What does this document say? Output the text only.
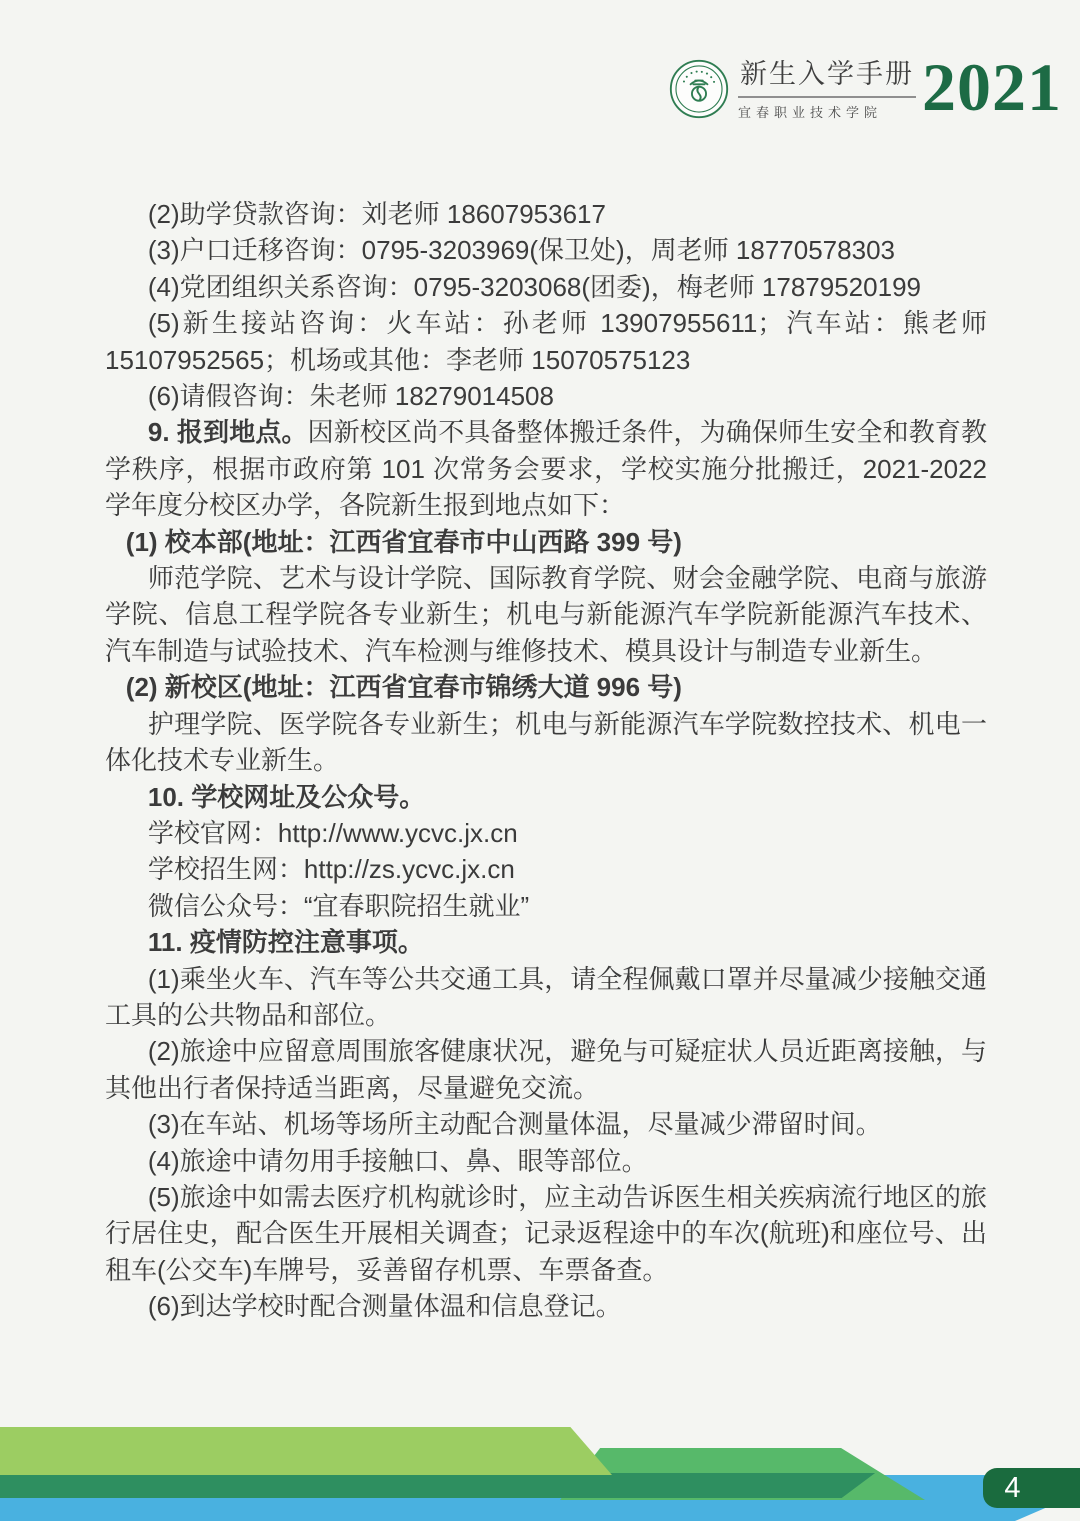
新生入学手册
宜春职业技术学院 2021

(2)助学贷款咨询：刘老师 18607953617

(3)户口迁移咨询：0795-3203969(保卫处)，周老师 18770578303

(4)党团组织关系咨询：0795-3203068(团委)，梅老师 17879520199

(5)新生接站咨询：火车站：孙老师 13907955611；汽车站：熊老师 15107952565；机场或其他：李老师 15070575123

(6)请假咨询：朱老师 18279014508

9. 报到地点。因新校区尚不具备整体搬迁条件，为确保师生安全和教育教学秩序，根据市政府第 101 次常务会要求，学校实施分批搬迁，2021-2022 学年度分校区办学，各院新生报到地点如下：

(1) 校本部(地址：江西省宜春市中山西路 399 号)

师范学院、艺术与设计学院、国际教育学院、财会金融学院、电商与旅游学院、信息工程学院各专业新生；机电与新能源汽车学院新能源汽车技术、汽车制造与试验技术、汽车检测与维修技术、模具设计与制造专业新生。

(2) 新校区(地址：江西省宜春市锦绣大道 996 号)

护理学院、医学院各专业新生；机电与新能源汽车学院数控技术、机电一体化技术专业新生。

10. 学校网址及公众号。

学校官网：http://www.ycvc.jx.cn

学校招生网：http://zs.ycvc.jx.cn

微信公众号：“宜春职院招生就业”

11. 疫情防控注意事项。

(1)乘坐火车、汽车等公共交通工具，请全程佩戴口罩并尽量减少接触交通工具的公共物品和部位。

(2)旅途中应留意周围旅客健康状况，避免与可疑症状人员近距离接触，与其他出行者保持适当距离，尽量避免交流。

(3)在车站、机场等场所主动配合测量体温，尽量减少滞留时间。

(4)旅途中请勿用手接触口、鼻、眼等部位。

(5)旅途中如需去医疗机构就诊时，应主动告诉医生相关疾病流行地区的旅行居住史，配合医生开展相关调查；记录返程途中的车次(航班)和座位号、出租车(公交车)车牌号，妥善留存机票、车票备查。

(6)到达学校时配合测量体温和信息登记。

4
